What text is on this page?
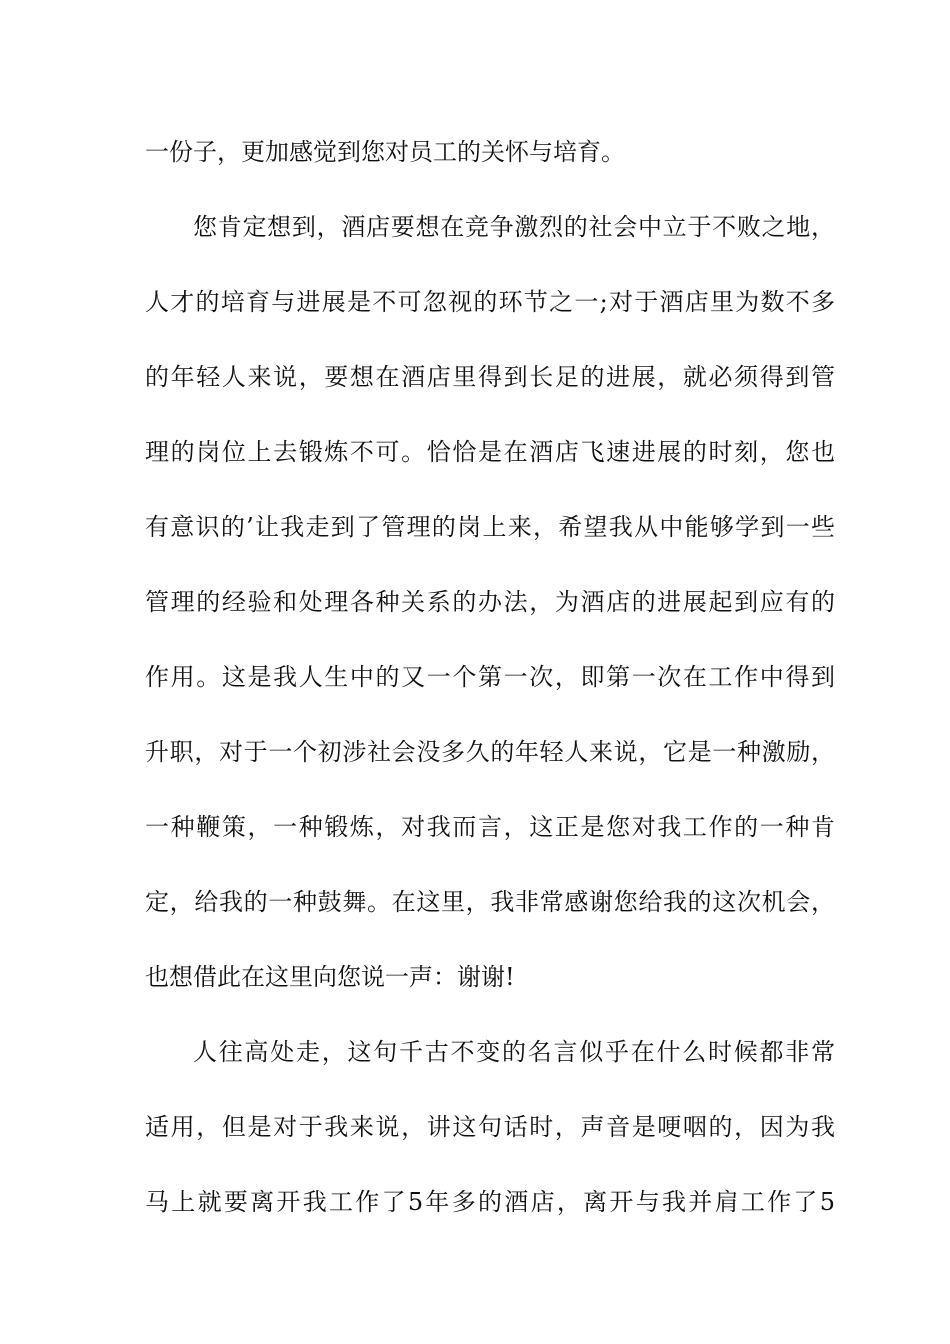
一份子，更加感觉到您对员工的关怀与培育。
您肯定想到，酒店要想在竞争激烈的社会中立于不败之地，
人才的培育与进展是不可忽视的环节之一;对于酒店里为数不多
的年轻人来说，要想在酒店里得到长足的进展，就必须得到管
理的岗位上去锻炼不可。恰恰是在酒店飞速进展的时刻，您也
有意识的’让我走到了管理的岗上来，希望我从中能够学到一些
管理的经验和处理各种关系的办法，为酒店的进展起到应有的
作用。这是我人生中的又一个第一次，即第一次在工作中得到
升职，对于一个初涉社会没多久的年轻人来说，它是一种激励，
一种鞭策，一种锻炼，对我而言，这正是您对我工作的一种肯
定，给我的一种鼓舞。在这里，我非常感谢您给我的这次机会，
也想借此在这里向您说一声：谢谢!
人往高处走，这句千古不变的名言似乎在什么时候都非常
适用，但是对于我来说，讲这句话时，声音是哽咽的，因为我
马上就要离开我工作了5年多的酒店，离开与我并肩工作了5
